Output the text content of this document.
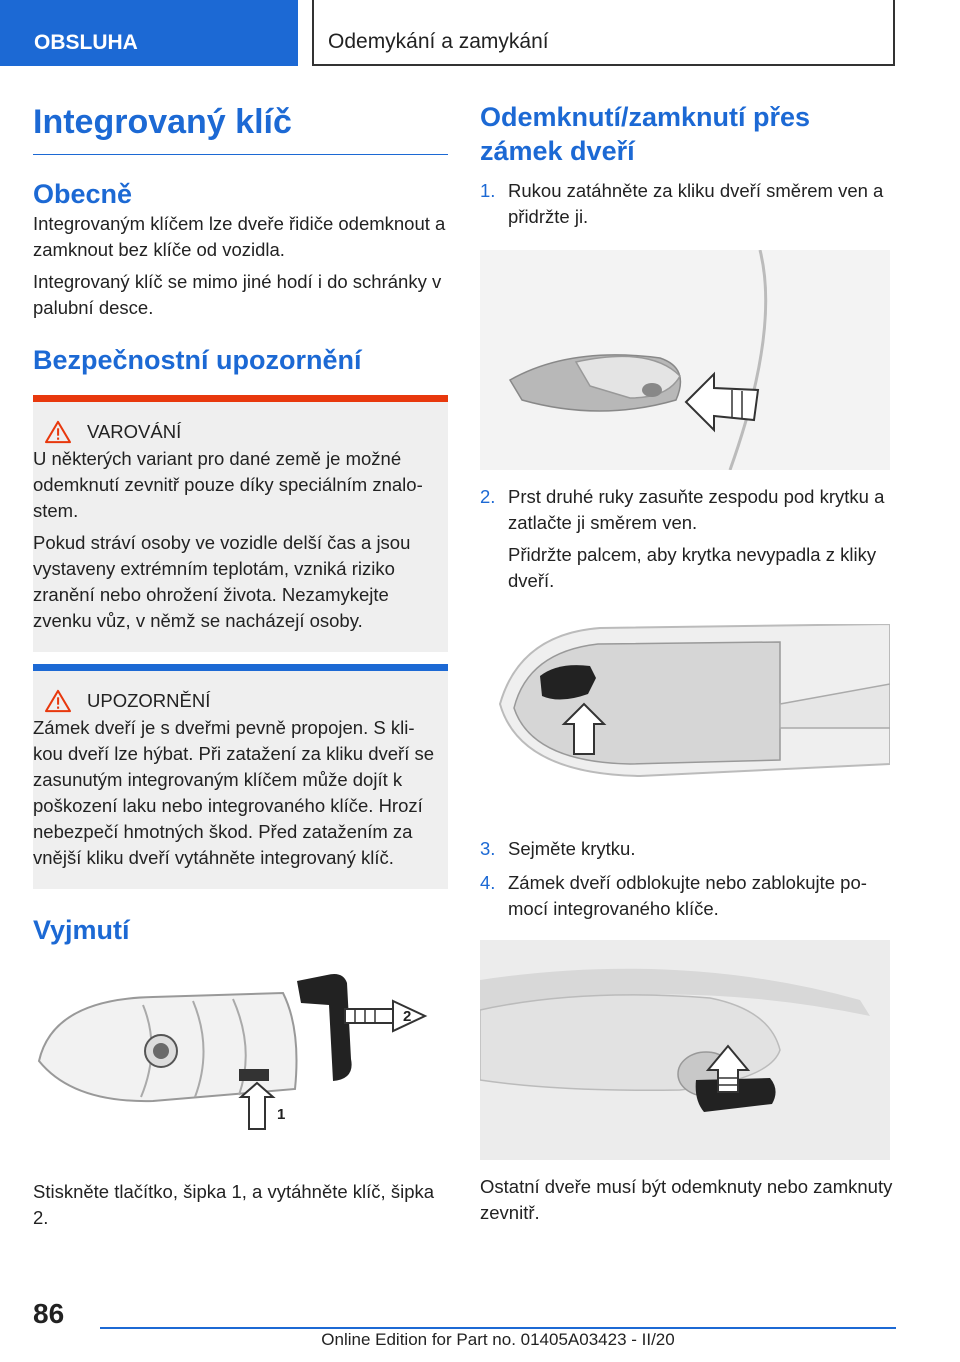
OBSLUHA	Odemykání a zamykání
Integrovaný klíč
Obecně

Integrovaným klíčem lze dveře řidiče odemknout a zamknout bez klíče od vozidla.

Integrovaný klíč se mimo jiné hodí i do schránky v palubní desce.

Bezpečnostní upozornění
VAROVÁNÍ

U některých variant pro dané země je možné odemknutí zevnitř pouze díky speciálním znalostem.

Pokud stráví osoby ve vozidle delší čas a jsou vystaveny extrémním teplotám, vzniká riziko zranění nebo ohrožení života. Nezamykejte zvenku vůz, v němž se nacházejí osoby.

UPOZORNĚNÍ

Zámek dveří je s dveřmi pevně propojen. S klikou dveří lze hýbat. Při zatažení za kliku dveří se zasunutým integrovaným klíčem může dojít k poškození laku nebo integrovaného klíče. Hrozí nebezpečí hmotných škod. Před zatažením za vnější kliku dveří vytáhněte integrovaný klíč.

Vyjmutí
2
1

Stiskněte tlačítko, šipka 1, a vytáhněte klíč, šipka 2.

Odemknutí/zamknutí přes zámek dveří
1. Rukou zatáhněte za kliku dveří směrem ven a přidržte ji.
2. Prst druhé ruky zasuňte zespodu pod krytku a zatlačte ji směrem ven.
Přidržte palcem, aby krytka nevypadla z kliky dveří.
3. Sejměte krytku.
4. Zámek dveří odblokujte nebo zablokujte pomocí integrovaného klíče.

Ostatní dveře musí být odemknuty nebo zamknuty zevnitř.

86
Online Edition for Part no. 01405A03423 - II/20
